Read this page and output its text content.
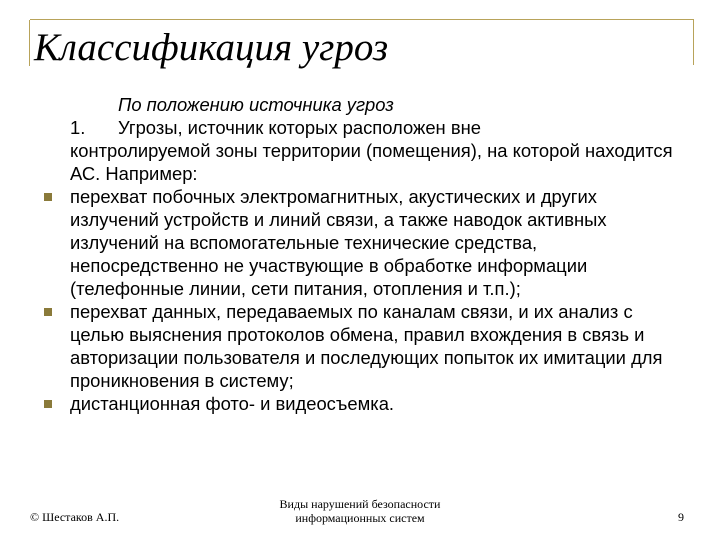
Классификация угроз
По положению источника угроз
1. Угрозы, источник которых расположен вне
контролируемой зоны территории (помещения), на которой находится АС. Например:
перехват побочных электромагнитных, акустических и других излучений устройств и линий связи, а также наводок активных излучений на вспомогательные технические средства, непосредственно не участвующие в обработке информации (телефонные линии, сети питания, отопления и т.п.);
перехват данных, передаваемых по каналам связи, и их анализ с целью выяснения протоколов обмена, правил вхождения в связь и авторизации пользователя и последующих попыток их имитации для проникновения в систему;
дистанционная фото- и видеосъемка.
© Шестаков А.П.
Виды нарушений безопасности информационных систем	9
